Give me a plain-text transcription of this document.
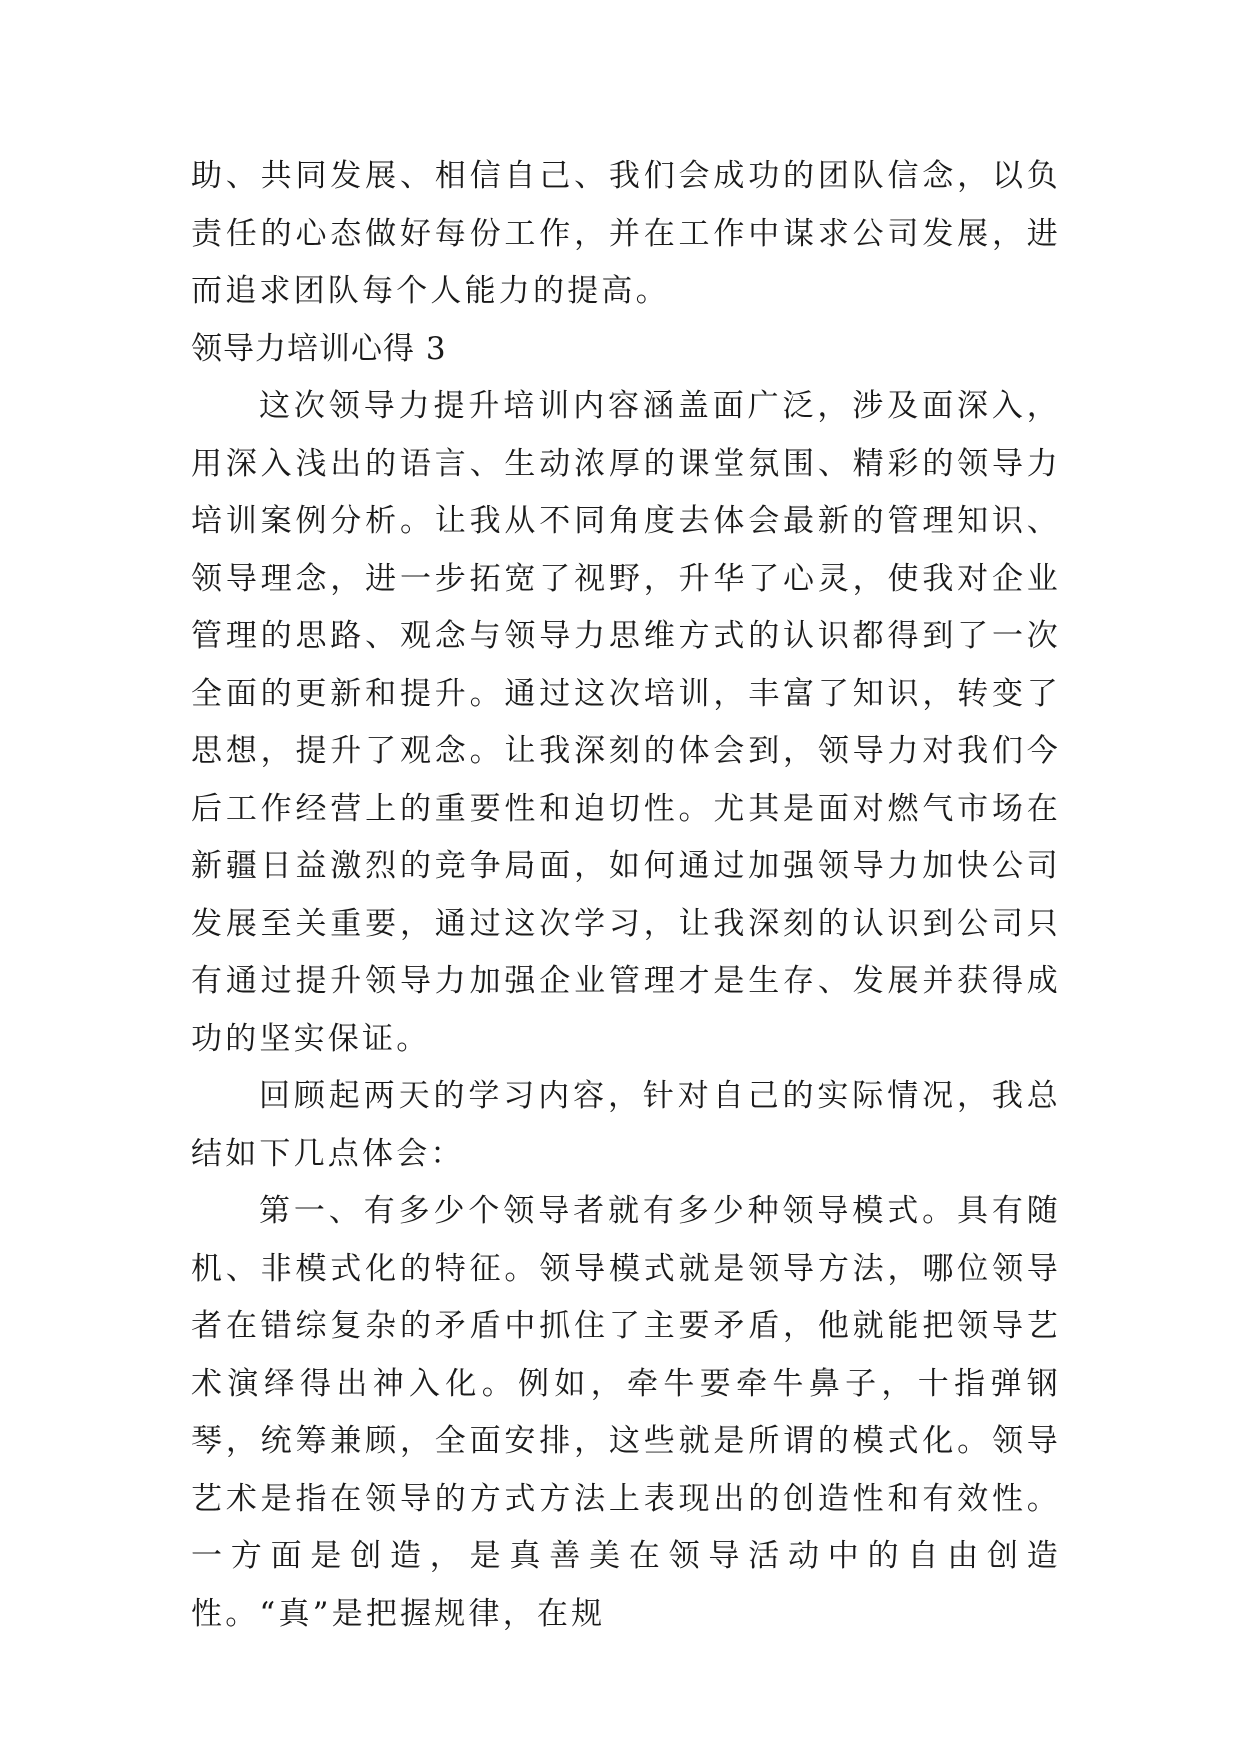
助、共同发展、相信自己、我们会成功的团队信念，以负责任的心态做好每份工作，并在工作中谋求公司发展，进而追求团队每个人能力的提高。

领导力培训心得 3

这次领导力提升培训内容涵盖面广泛，涉及面深入，用深入浅出的语言、生动浓厚的课堂氛围、精彩的领导力培训案例分析。让我从不同角度去体会最新的管理知识、领导理念，进一步拓宽了视野，升华了心灵，使我对企业管理的思路、观念与领导力思维方式的认识都得到了一次全面的更新和提升。通过这次培训，丰富了知识，转变了思想，提升了观念。让我深刻的体会到，领导力对我们今后工作经营上的重要性和迫切性。尤其是面对燃气市场在新疆日益激烈的竞争局面，如何通过加强领导力加快公司发展至关重要，通过这次学习，让我深刻的认识到公司只有通过提升领导力加强企业管理才是生存、发展并获得成功的坚实保证。

回顾起两天的学习内容，针对自己的实际情况，我总结如下几点体会：

第一、有多少个领导者就有多少种领导模式。具有随机、非模式化的特征。领导模式就是领导方法，哪位领导者在错综复杂的矛盾中抓住了主要矛盾，他就能把领导艺术演绎得出神入化。例如，牵牛要牵牛鼻子，十指弹钢琴，统筹兼顾，全面安排，这些就是所谓的模式化。领导艺术是指在领导的方式方法上表现出的创造性和有效性。一方面是创造，是真善美在领导活动中的自由创造性。“真”是把握规律，在规
